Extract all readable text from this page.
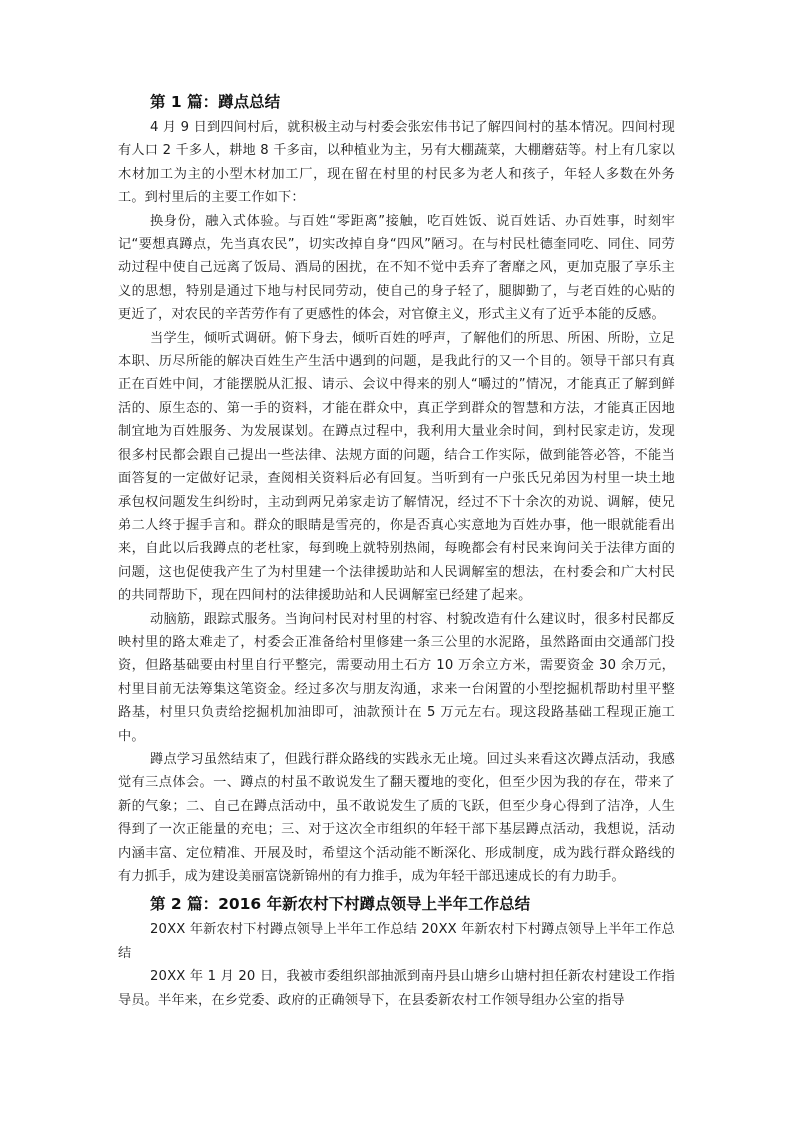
第 1 篇：蹲点总结

4 月 9 日到四间村后，就积极主动与村委会张宏伟书记了解四间村的基本情况。四间村现有人口 2 千多人，耕地 8 千多亩，以种植业为主，另有大棚蔬菜，大棚蘑菇等。村上有几家以木材加工为主的小型木材加工厂，现在留在村里的村民多为老人和孩子，年轻人多数在外务工。到村里后的主要工作如下：

换身份，融入式体验。与百姓“零距离”接触，吃百姓饭、说百姓话、办百姓事，时刻牢记“要想真蹲点，先当真农民”，切实改掉自身“四风”陋习。在与村民杜德奎同吃、同住、同劳动过程中使自己远离了饭局、酒局的困扰，在不知不觉中丢弃了奢靡之风，更加克服了享乐主义的思想，特别是通过下地与村民同劳动，使自己的身子轻了，腿脚勤了，与老百姓的心贴的更近了，对农民的辛苦劳作有了更感性的体会，对官僚主义，形式主义有了近乎本能的反感。

当学生，倾听式调研。俯下身去，倾听百姓的呼声，了解他们的所思、所困、所盼，立足本职、历尽所能的解决百姓生产生活中遇到的问题，是我此行的又一个目的。领导干部只有真正在百姓中间，才能摆脱从汇报、请示、会议中得来的别人“嚼过的”情况，才能真正了解到鲜活的、原生态的、第一手的资料，才能在群众中，真正学到群众的智慧和方法，才能真正因地制宜地为百姓服务、为发展谋划。在蹲点过程中，我利用大量业余时间，到村民家走访，发现很多村民都会跟自己提出一些法律、法规方面的问题，结合工作实际，做到能答必答，不能当面答复的一定做好记录，查阅相关资料后必有回复。当听到有一户张氏兄弟因为村里一块土地承包权问题发生纠纷时，主动到两兄弟家走访了解情况，经过不下十余次的劝说、调解，使兄弟二人终于握手言和。群众的眼睛是雪亮的，你是否真心实意地为百姓办事，他一眼就能看出来，自此以后我蹲点的老杜家，每到晚上就特别热闹，每晚都会有村民来询问关于法律方面的问题，这也促使我产生了为村里建一个法律援助站和人民调解室的想法，在村委会和广大村民的共同帮助下，现在四间村的法律援助站和人民调解室已经建了起来。

动脑筋，跟踪式服务。当询问村民对村里的村容、村貌改造有什么建议时，很多村民都反映村里的路太难走了，村委会正准备给村里修建一条三公里的水泥路，虽然路面由交通部门投资，但路基础要由村里自行平整完，需要动用土石方 10 万余立方米，需要资金 30 余万元，村里目前无法筹集这笔资金。经过多次与朋友沟通，求来一台闲置的小型挖掘机帮助村里平整路基，村里只负责给挖掘机加油即可，油款预计在 5 万元左右。现这段路基础工程现正施工中。

蹲点学习虽然结束了，但践行群众路线的实践永无止境。回过头来看这次蹲点活动，我感觉有三点体会。一、蹲点的村虽不敢说发生了翻天覆地的变化，但至少因为我的存在，带来了新的气象；二、自己在蹲点活动中，虽不敢说发生了质的飞跃，但至少身心得到了洁净，人生得到了一次正能量的充电；三、对于这次全市组织的年轻干部下基层蹲点活动，我想说，活动内涵丰富、定位精准、开展及时，希望这个活动能不断深化、形成制度，成为践行群众路线的有力抓手，成为建设美丽富饶新锦州的有力推手，成为年轻干部迅速成长的有力助手。

第 2 篇：2016 年新农村下村蹲点领导上半年工作总结

20XX 年新农村下村蹲点领导上半年工作总结 20XX 年新农村下村蹲点领导上半年工作总结

20XX 年 1 月 20 日，我被市委组织部抽派到南丹县山塘乡山塘村担任新农村建设工作指导员。半年来，在乡党委、政府的正确领导下，在县委新农村工作领导组办公室的指导
